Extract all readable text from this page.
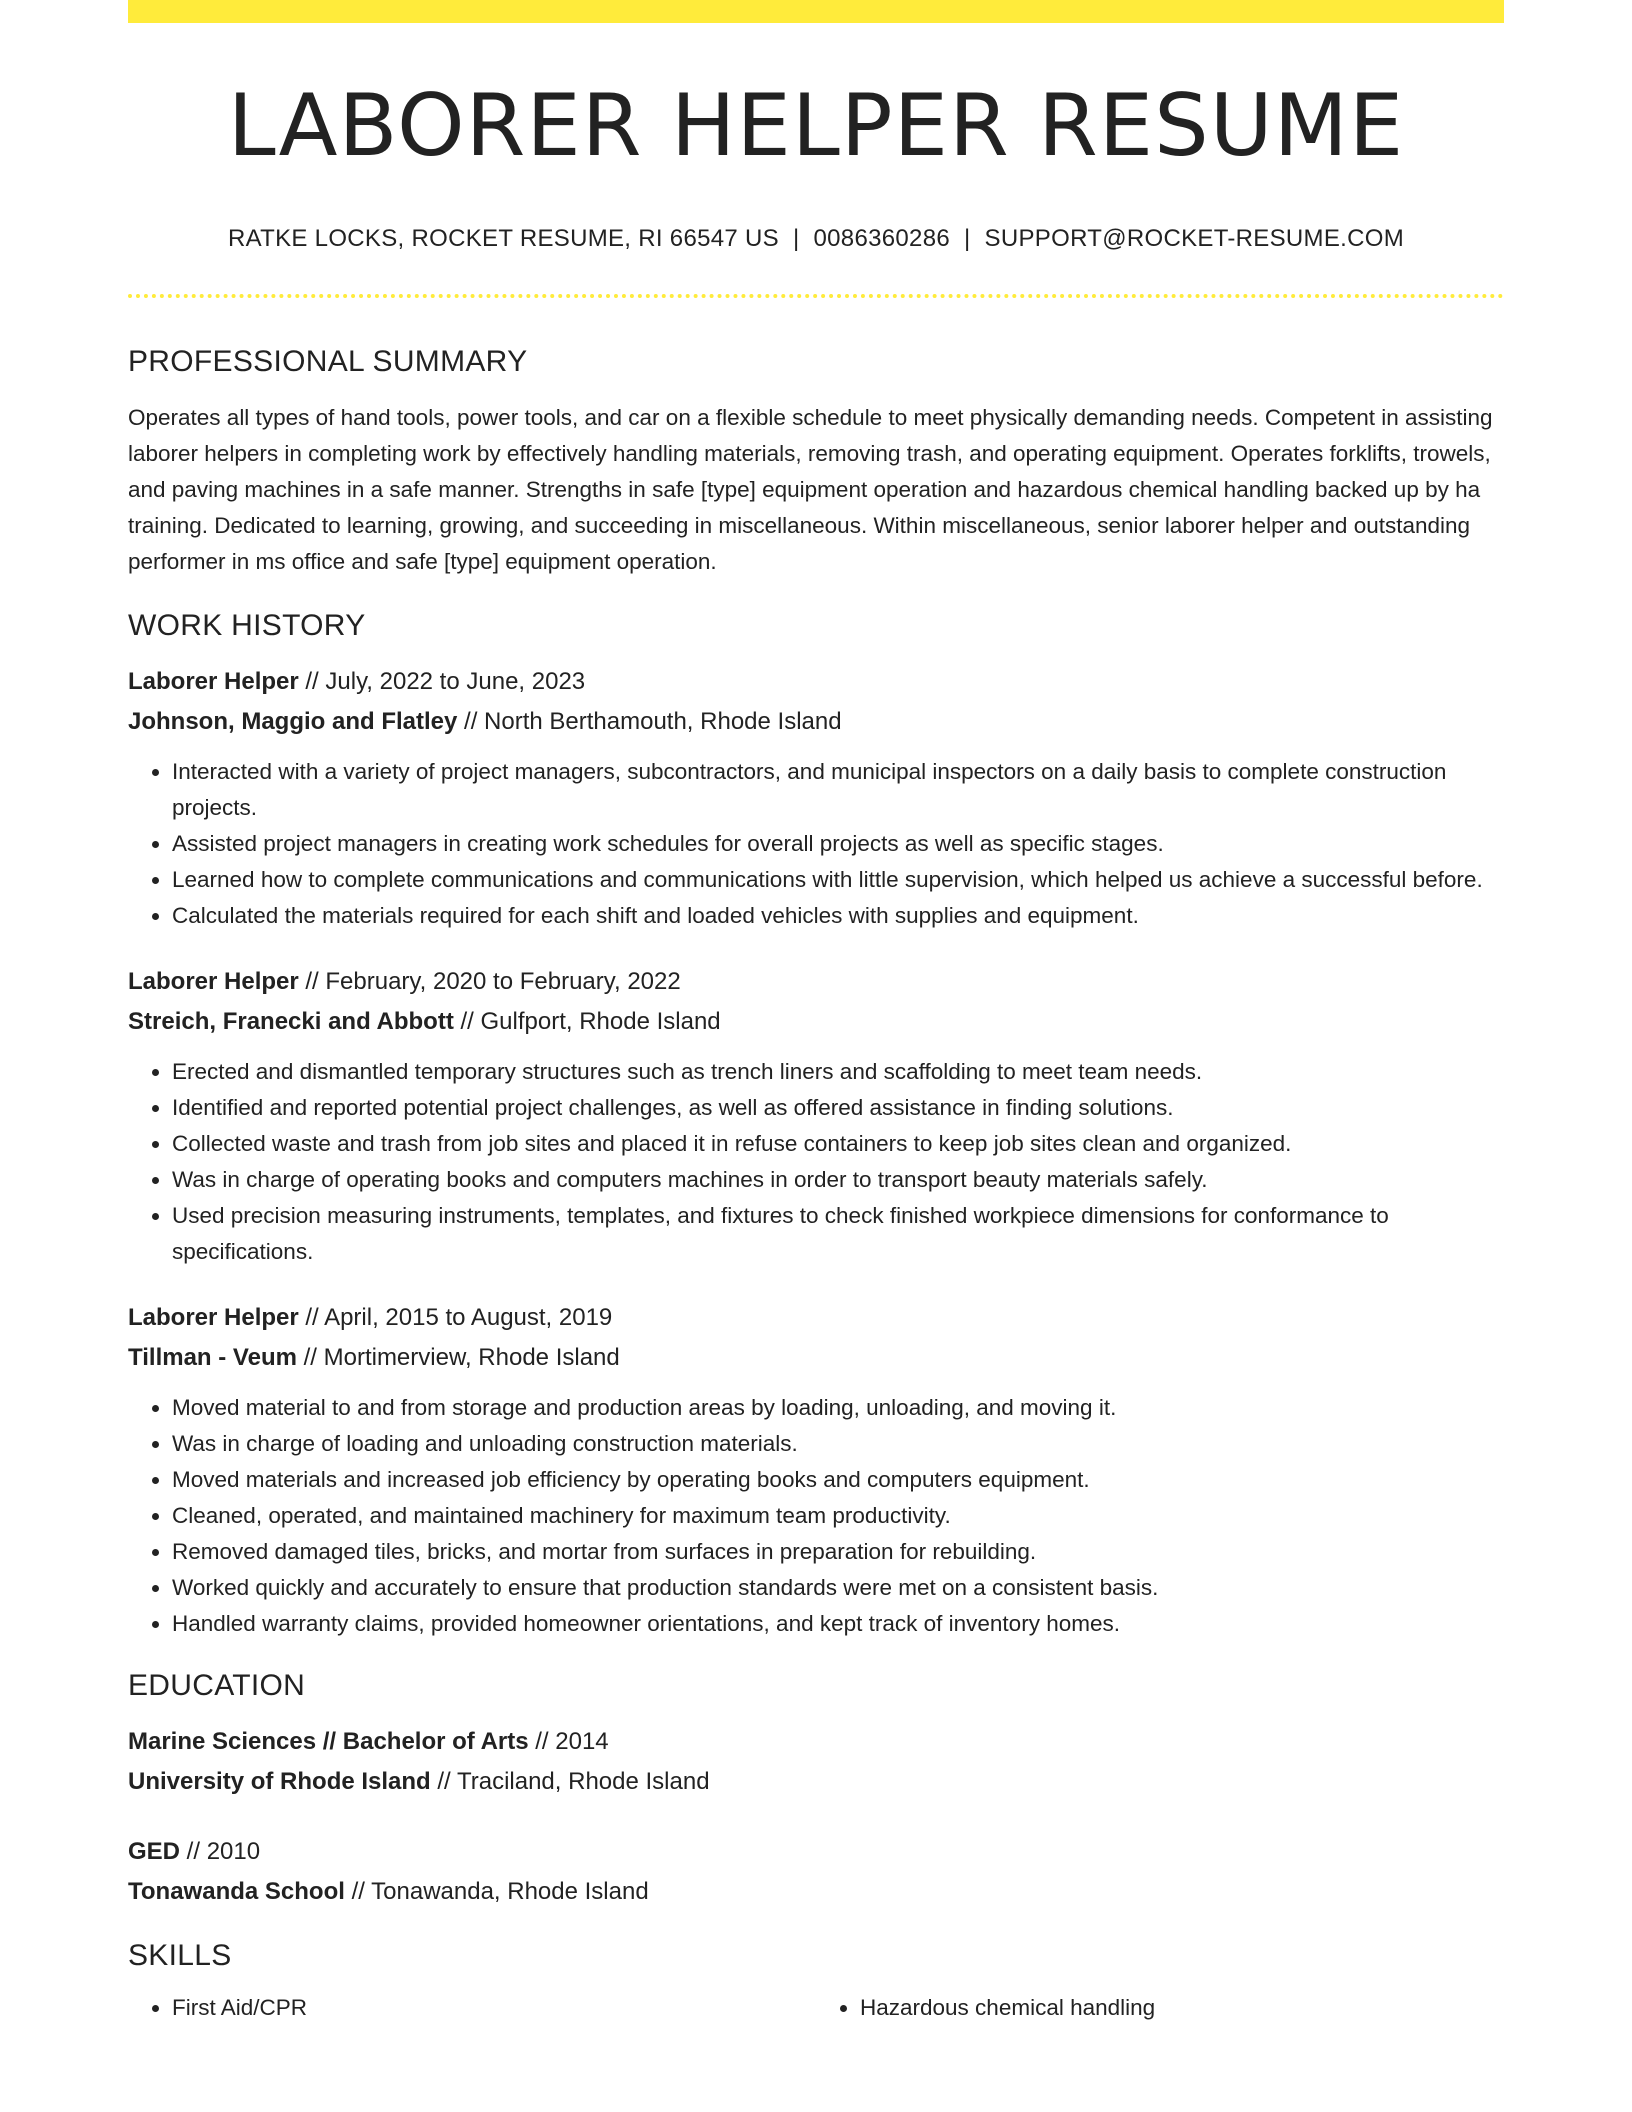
LABORER HELPER RESUME
RATKE LOCKS, ROCKET RESUME, RI 66547 US | 0086360286 | SUPPORT@ROCKET-RESUME.COM
PROFESSIONAL SUMMARY

Operates all types of hand tools, power tools, and car on a flexible schedule to meet physically demanding needs. Competent in assisting laborer helpers in completing work by effectively handling materials, removing trash, and operating equipment. Operates forklifts, trowels, and paving machines in a safe manner. Strengths in safe [type] equipment operation and hazardous chemical handling backed up by ha training. Dedicated to learning, growing, and succeeding in miscellaneous. Within miscellaneous, senior laborer helper and outstanding performer in ms office and safe [type] equipment operation.

WORK HISTORY
Laborer Helper // July, 2022 to June, 2023
Johnson, Maggio and Flatley // North Berthamouth, Rhode Island
• Interacted with a variety of project managers, subcontractors, and municipal inspectors on a daily basis to complete construction projects.
• Assisted project managers in creating work schedules for overall projects as well as specific stages.
• Learned how to complete communications and communications with little supervision, which helped us achieve a successful before.
• Calculated the materials required for each shift and loaded vehicles with supplies and equipment.
Laborer Helper // February, 2020 to February, 2022
Streich, Franecki and Abbott // Gulfport, Rhode Island
• Erected and dismantled temporary structures such as trench liners and scaffolding to meet team needs.
• Identified and reported potential project challenges, as well as offered assistance in finding solutions.
• Collected waste and trash from job sites and placed it in refuse containers to keep job sites clean and organized.
• Was in charge of operating books and computers machines in order to transport beauty materials safely.
• Used precision measuring instruments, templates, and fixtures to check finished workpiece dimensions for conformance to specifications.
Laborer Helper // April, 2015 to August, 2019
Tillman - Veum // Mortimerview, Rhode Island
• Moved material to and from storage and production areas by loading, unloading, and moving it.
• Was in charge of loading and unloading construction materials.
• Moved materials and increased job efficiency by operating books and computers equipment.
• Cleaned, operated, and maintained machinery for maximum team productivity.
• Removed damaged tiles, bricks, and mortar from surfaces in preparation for rebuilding.
• Worked quickly and accurately to ensure that production standards were met on a consistent basis.
• Handled warranty claims, provided homeowner orientations, and kept track of inventory homes.
EDUCATION
Marine Sciences // Bachelor of Arts // 2014
University of Rhode Island // Traciland, Rhode Island
GED // 2010
Tonawanda School // Tonawanda, Rhode Island
SKILLS
• First Aid/CPR
•	Hazardous chemical handling
